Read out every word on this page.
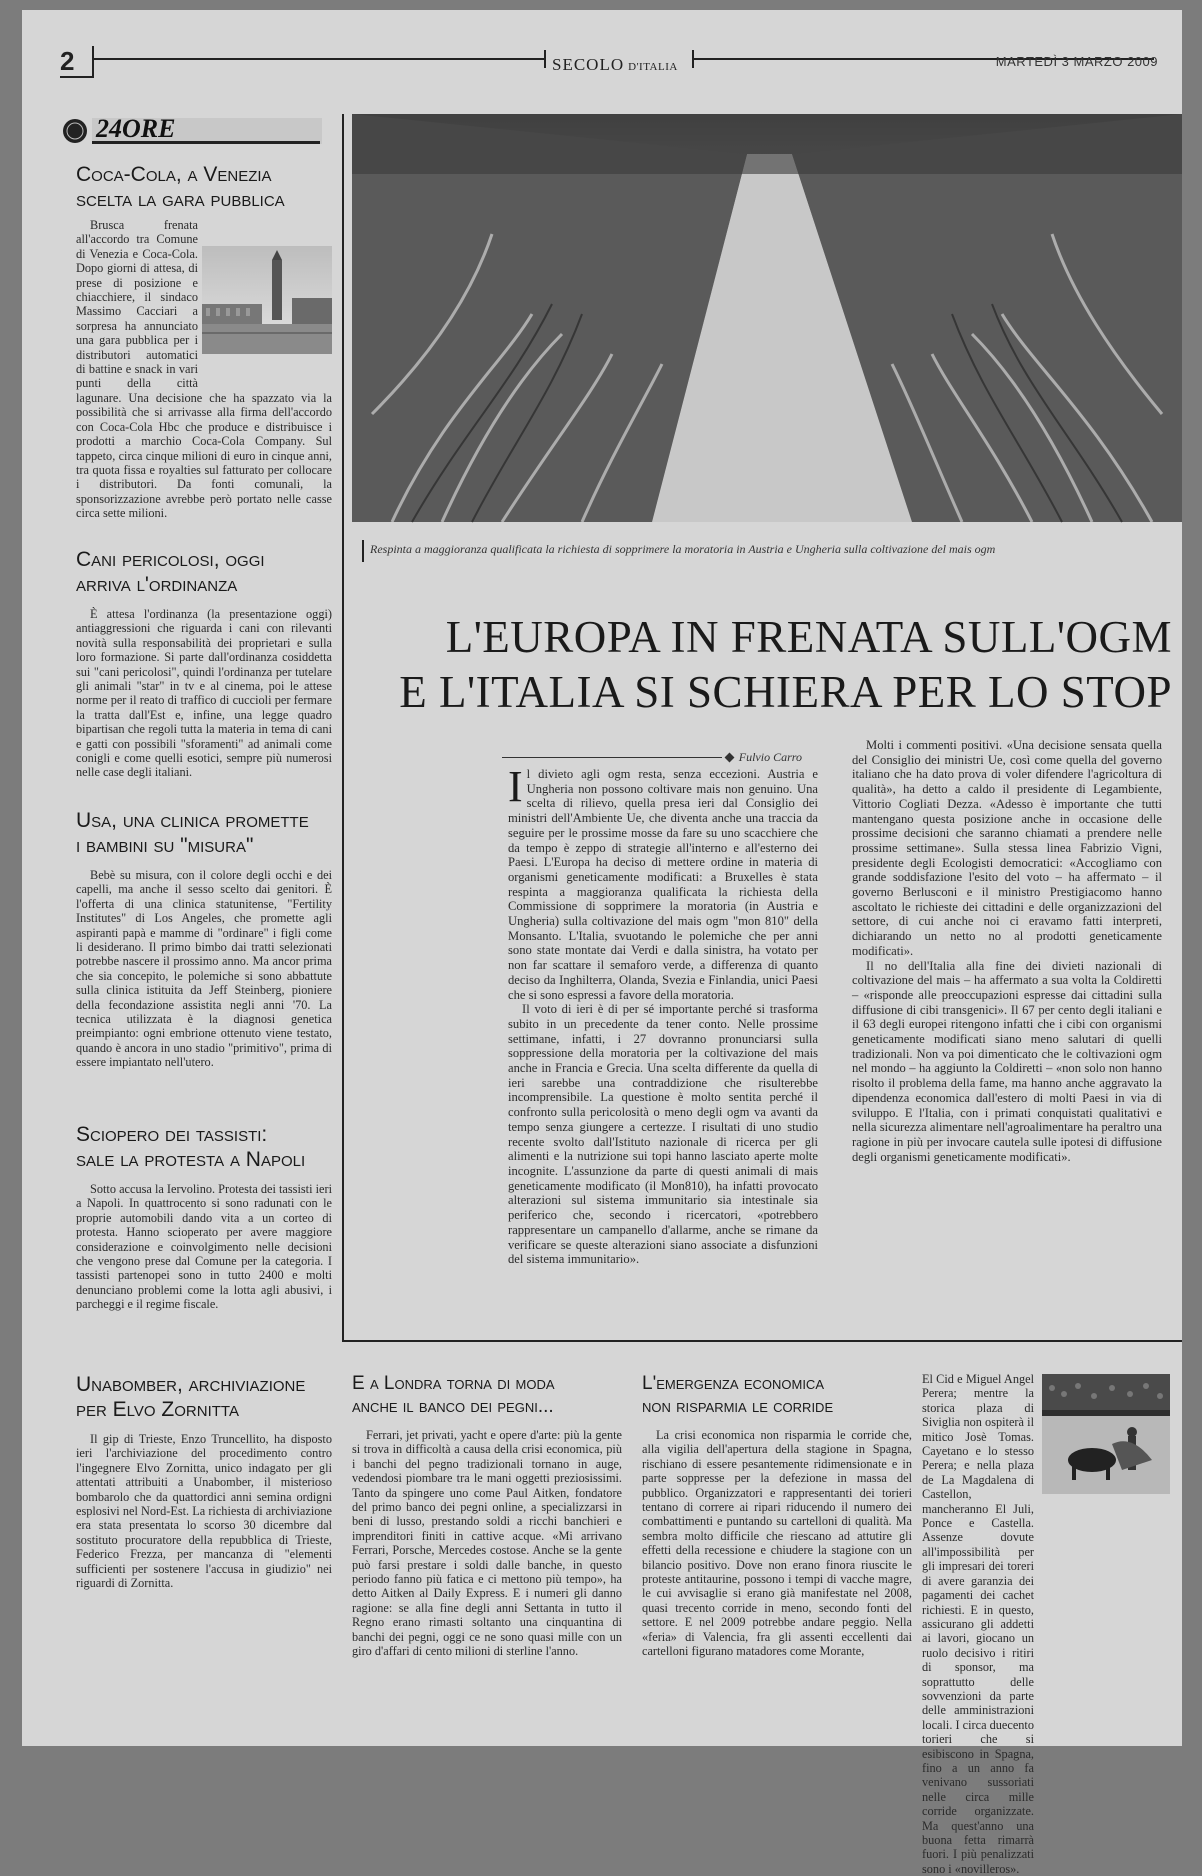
2	SECOLO D'ITALIA	MARTEDÌ 3 MARZO 2009
24ORE
Coca-Cola, a Venezia
scelta la gara pubblica

Brusca frenata all'accordo tra Comune di Venezia e Coca-Cola. Dopo giorni di attesa, di prese di posizione e chiacchiere, il sindaco Massimo Cacciari a sorpresa ha annunciato una gara pubblica per i distributori automatici di battine e snack in vari punti della città lagunare. Una decisione che ha spazzato via la possibilità che si arrivasse alla firma dell'accordo con Coca-Cola Hbc che produce e distribuisce i prodotti a marchio Coca-Cola Company. Sul tappeto, circa cinque milioni di euro in cinque anni, tra quota fissa e royalties sul fatturato per collocare i distributori. Da fonti comunali, la sponsorizzazione avrebbe però portato nelle casse circa sette milioni.

Cani pericolosi, oggi
arriva l'ordinanza

È attesa l'ordinanza (la presentazione oggi) antiaggressioni che riguarda i cani con rilevanti novità sulla responsabilità dei proprietari e sulla loro formazione. Si parte dall'ordinanza cosiddetta sui "cani pericolosi", quindi l'ordinanza per tutelare gli animali "star" in tv e al cinema, poi le attese norme per il reato di traffico di cuccioli per fermare la tratta dall'Est e, infine, una legge quadro bipartisan che regoli tutta la materia in tema di cani e gatti con possibili "sforamenti" ad animali come conigli e come quelli esotici, sempre più numerosi nelle case degli italiani.

Usa, una clinica promette
i bambini su "misura"

Bebè su misura, con il colore degli occhi e dei capelli, ma anche il sesso scelto dai genitori. È l'offerta di una clinica statunitense, "Fertility Institutes" di Los Angeles, che promette agli aspiranti papà e mamme di "ordinare" i figli come li desiderano. Il primo bimbo dai tratti selezionati potrebbe nascere il prossimo anno. Ma ancor prima che sia concepito, le polemiche si sono abbattute sulla clinica istituita da Jeff Steinberg, pioniere della fecondazione assistita negli anni '70. La tecnica utilizzata è la diagnosi genetica preimpianto: ogni embrione ottenuto viene testato, quando è ancora in uno stadio "primitivo", prima di essere impiantato nell'utero.

Sciopero dei tassisti:
sale la protesta a Napoli

Sotto accusa la Iervolino. Protesta dei tassisti ieri a Napoli. In quattrocento si sono radunati con le proprie automobili dando vita a un corteo di protesta. Hanno scioperato per avere maggiore considerazione e coinvolgimento nelle decisioni che vengono prese dal Comune per la categoria. I tassisti partenopei sono in tutto 2400 e molti denunciano problemi come la lotta agli abusivi, i parcheggi e il regime fiscale.

Unabomber, archiviazione
per Elvo Zornitta

Il gip di Trieste, Enzo Truncellito, ha disposto ieri l'archiviazione del procedimento contro l'ingegnere Elvo Zornitta, unico indagato per gli attentati attribuiti a Unabomber, il misterioso bombarolo che da quattordici anni semina ordigni esplosivi nel Nord-Est. La richiesta di archiviazione era stata presentata lo scorso 30 dicembre dal sostituto procuratore della repubblica di Trieste, Federico Frezza, per mancanza di "elementi sufficienti per sostenere l'accusa in giudizio" nei riguardi di Zornitta.

Respinta a maggioranza qualificata la richiesta di sopprimere la moratoria in Austria e Ungheria sulla coltivazione del mais ogm
L'EUROPA IN FRENATA SULL'OGM
E L'ITALIA SI SCHIERA PER LO STOP
Fulvio Carro
I l divieto agli ogm resta, senza eccezioni. Austria e Ungheria non possono coltivare mais non genuino. Una scelta di rilievo, quella presa ieri dal Consiglio dei ministri dell'Ambiente Ue, che diventa anche una traccia da seguire per le prossime mosse da fare su uno scacchiere che da tempo è zeppo di strategie all'interno e all'esterno dei Paesi. L'Europa ha deciso di mettere ordine in materia di organismi geneticamente modificati: a Bruxelles è stata respinta a maggioranza qualificata la richiesta della Commissione di sopprimere la moratoria (in Austria e Ungheria) sulla coltivazione del mais ogm "mon 810" della Monsanto. L'Italia, svuotando le polemiche che per anni sono state montate dai Verdi e dalla sinistra, ha votato per non far scattare il semaforo verde, a differenza di quanto deciso da Inghilterra, Olanda, Svezia e Finlandia, unici Paesi che si sono espressi a favore della moratoria.

Il voto di ieri è di per sé importante perché si trasforma subito in un precedente da tener conto. Nelle prossime settimane, infatti, i 27 dovranno pronunciarsi sulla soppressione della moratoria per la coltivazione del mais anche in Francia e Grecia. Una scelta differente da quella di ieri sarebbe una contraddizione che risulterebbe incomprensibile. La questione è molto sentita perché il confronto sulla pericolosità o meno degli ogm va avanti da tempo senza giungere a certezze. I risultati di uno studio recente svolto dall'Istituto nazionale di ricerca per gli alimenti e la nutrizione sui topi hanno lasciato aperte molte incognite. L'assunzione da parte di questi animali di mais geneticamente modificato (il Mon810), ha infatti provocato alterazioni sul sistema immunitario sia intestinale sia periferico che, secondo i ricercatori, «potrebbero rappresentare un campanello d'allarme, anche se rimane da verificare se queste alterazioni siano associate a disfunzioni del sistema immunitario».

Molti i commenti positivi. «Una decisione sensata quella del Consiglio dei ministri Ue, così come quella del governo italiano che ha dato prova di voler difendere l'agricoltura di qualità», ha detto a caldo il presidente di Legambiente, Vittorio Cogliati Dezza. «Adesso è importante che tutti mantengano questa posizione anche in occasione delle prossime decisioni che saranno chiamati a prendere nelle prossime settimane». Sulla stessa linea Fabrizio Vigni, presidente degli Ecologisti democratici: «Accogliamo con grande soddisfazione l'esito del voto – ha affermato – il governo Berlusconi e il ministro Prestigiacomo hanno ascoltato le richieste dei cittadini e delle organizzazioni del settore, di cui anche noi ci eravamo fatti interpreti, dichiarando un netto no al prodotti geneticamente modificati».

Il no dell'Italia alla fine dei divieti nazionali di coltivazione del mais – ha affermato a sua volta la Coldiretti – «risponde alle preoccupazioni espresse dai cittadini sulla diffusione di cibi transgenici». Il 67 per cento degli italiani e il 63 degli europei ritengono infatti che i cibi con organismi geneticamente modificati siano meno salutari di quelli tradizionali. Non va poi dimenticato che le coltivazioni ogm nel mondo – ha aggiunto la Coldiretti – «non solo non hanno risolto il problema della fame, ma hanno anche aggravato la dipendenza economica dall'estero di molti Paesi in via di sviluppo. E l'Italia, con i primati conquistati qualitativi e nella sicurezza alimentare nell'agroalimentare ha peraltro una ragione in più per invocare cautela sulle ipotesi di diffusione degli organismi geneticamente modificati».

E a Londra torna di moda
anche il banco dei pegni...

Ferrari, jet privati, yacht e opere d'arte: più la gente si trova in difficoltà a causa della crisi economica, più i banchi del pegno tradizionali tornano in auge, vedendosi piombare tra le mani oggetti preziosissimi. Tanto da spingere uno come Paul Aitken, fondatore del primo banco dei pegni online, a specializzarsi in beni di lusso, prestando soldi a ricchi banchieri e imprenditori finiti in cattive acque. «Mi arrivano Ferrari, Porsche, Mercedes costose. Anche se la gente può farsi prestare i soldi dalle banche, in questo periodo fanno più fatica e ci mettono più tempo», ha detto Aitken al Daily Express. E i numeri gli danno ragione: se alla fine degli anni Settanta in tutto il Regno erano rimasti soltanto una cinquantina di banchi dei pegni, oggi ce ne sono quasi mille con un giro d'affari di cento milioni di sterline l'anno.

L'emergenza economica
non risparmia le corride

La crisi economica non risparmia le corride che, alla vigilia dell'apertura della stagione in Spagna, rischiano di essere pesantemente ridimensionate e in parte soppresse per la defezione in massa del pubblico. Organizzatori e rappresentanti dei torieri tentano di correre ai ripari riducendo il numero dei combattimenti e puntando su cartelloni di qualità. Ma sembra molto difficile che riescano ad attutire gli effetti della recessione e chiudere la stagione con un bilancio positivo. Dove non erano finora riuscite le proteste antitaurine, possono i tempi di vacche magre, le cui avvisaglie si erano già manifestate nel 2008, quasi trecento corride in meno, secondo fonti del settore. E nel 2009 potrebbe andare peggio. Nella «feria» di Valencia, fra gli assenti eccellenti dai cartelloni figurano matadores come Morante,

El Cid e Miguel Angel Perera; mentre la storica plaza di Siviglia non ospiterà il mitico Josè Tomas. Cayetano e lo stesso Perera; e nella plaza de La Magdalena di Castellon, mancheranno El Juli, Ponce e Castella. Assenze dovute all'impossibilità per gli impresari dei toreri di avere garanzia dei pagamenti dei cachet richiesti. E in questo, assicurano gli addetti ai lavori, giocano un ruolo decisivo i ritiri di sponsor, ma soprattutto delle sovvenzioni da parte delle amministrazioni locali. I circa duecento torieri che si esibiscono in Spagna, fino a un anno fa venivano sussoriati nelle circa mille corride organizzate. Ma quest'anno una buona fetta rimarrà fuori. I più penalizzati sono i «novilleros».
